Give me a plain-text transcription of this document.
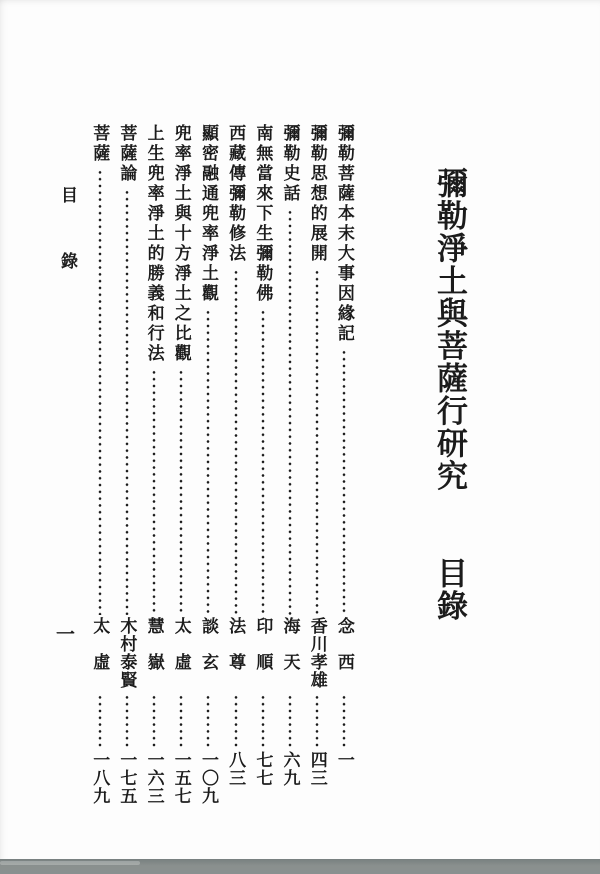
彌勒淨土與菩薩行研究 目錄
彌勒菩薩本末大事因緣記
念西
一
彌勒思想的展開
香川孝雄
四三
彌勒史話
海天
六九
南無當來下生彌勒佛
印順
七七
西藏傳彌勒修法
法尊
八三
顯密融通兜率淨土觀
談玄
一〇九
兜率淨土與十方淨土之比觀
太虛
一五七
上生兜率淨土的勝義和行法
慧嶽
一六三
菩薩論
木村泰賢
一七五
菩薩
太虛
一八九
目錄
一
